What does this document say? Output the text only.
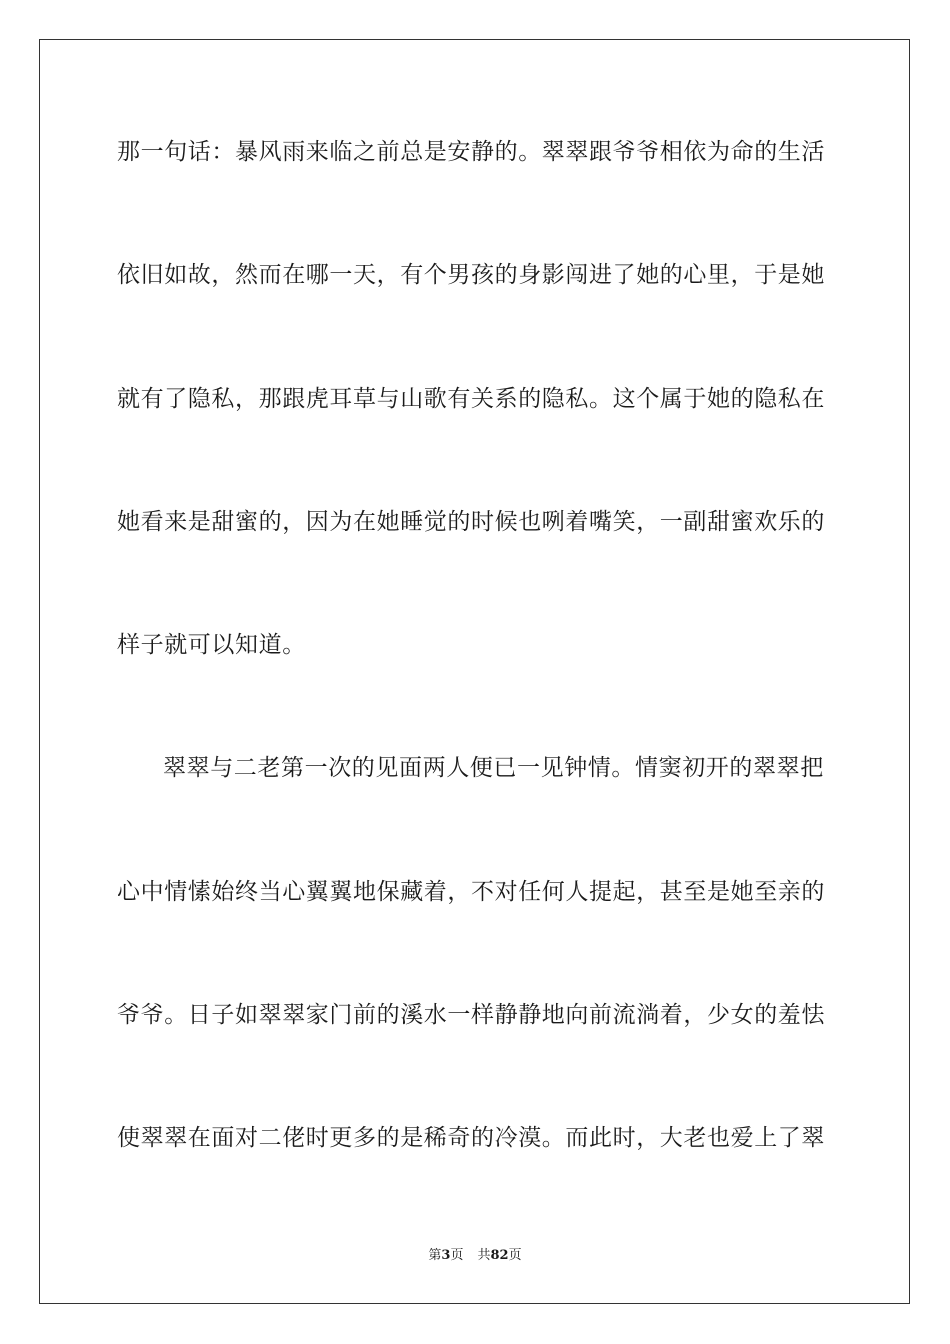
那一句话：暴风雨来临之前总是安静的。翠翠跟爷爷相依为命的生活
依旧如故，然而在哪一天，有个男孩的身影闯进了她的心里，于是她
就有了隐私，那跟虎耳草与山歌有关系的隐私。这个属于她的隐私在
她看来是甜蜜的，因为在她睡觉的时候也咧着嘴笑，一副甜蜜欢乐的
样子就可以知道。
翠翠与二老第一次的见面两人便已一见钟情。情窦初开的翠翠把
心中情愫始终当心翼翼地保藏着，不对任何人提起，甚至是她至亲的
爷爷。日子如翠翠家门前的溪水一样静静地向前流淌着，少女的羞怯
使翠翠在面对二佬时更多的是稀奇的冷漠。而此时，大老也爱上了翠
第3页 共82页
